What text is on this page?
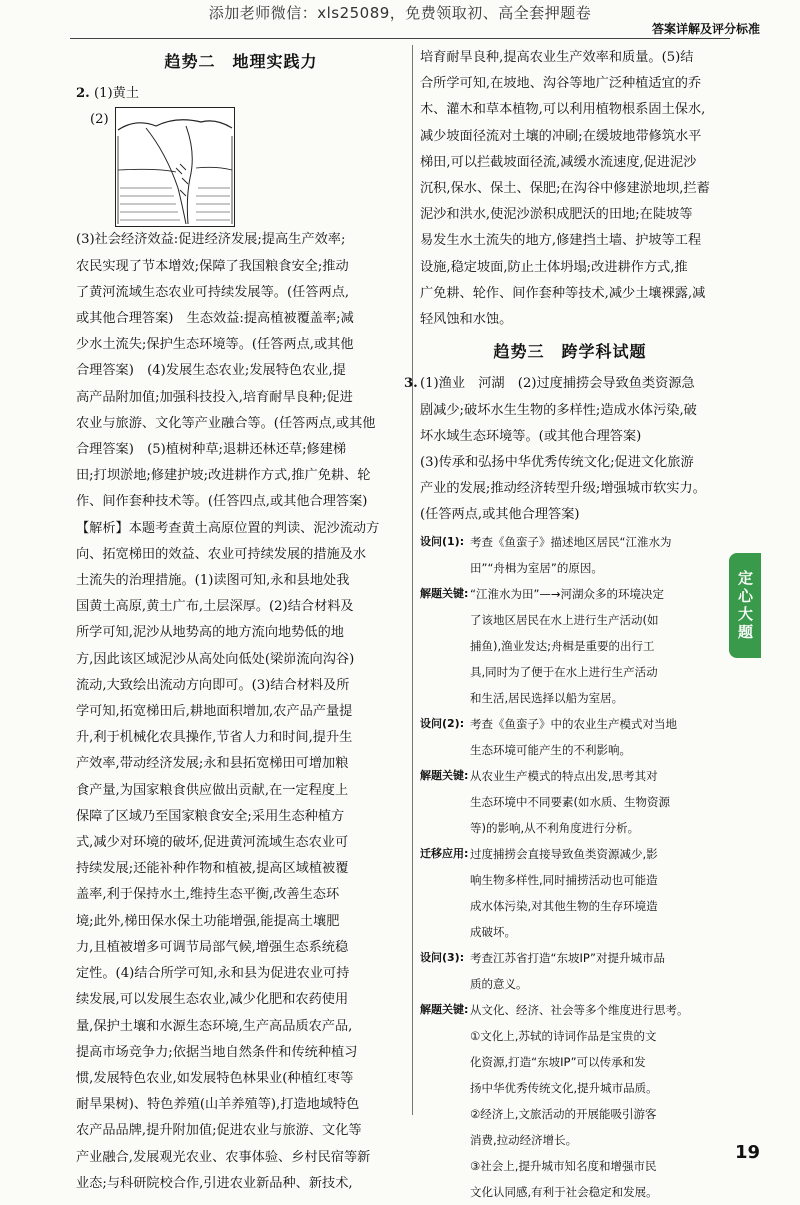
添加老师微信：xls25089，免费领取初、高全套押题卷
答案详解及评分标准
趋势二　地理实践力
2. (1)黄土
(2)
(3)社会经济效益:促进经济发展;提高生产效率;
农民实现了节本增效;保障了我国粮食安全;推动
了黄河流域生态农业可持续发展等。(任答两点,
或其他合理答案)　生态效益:提高植被覆盖率;减
少水土流失;保护生态环境等。(任答两点,或其他
合理答案)　(4)发展生态农业;发展特色农业,提
高产品附加值;加强科技投入,培育耐旱良种;促进
农业与旅游、文化等产业融合等。(任答两点,或其他
合理答案)　(5)植树种草;退耕还林还草;修建梯
田;打坝淤地;修建护坡;改进耕作方式,推广免耕、轮
作、间作套种技术等。(任答四点,或其他合理答案)
【解析】本题考查黄土高原位置的判读、泥沙流动方
向、拓宽梯田的效益、农业可持续发展的措施及水
土流失的治理措施。(1)读图可知,永和县地处我
国黄土高原,黄土广布,土层深厚。(2)结合材料及
所学可知,泥沙从地势高的地方流向地势低的地
方,因此该区域泥沙从高处向低处(梁峁流向沟谷)
流动,大致绘出流动方向即可。(3)结合材料及所
学可知,拓宽梯田后,耕地面积增加,农产品产量提
升,利于机械化农具操作,节省人力和时间,提升生
产效率,带动经济发展;永和县拓宽梯田可增加粮
食产量,为国家粮食供应做出贡献,在一定程度上
保障了区域乃至国家粮食安全;采用生态种植方
式,减少对环境的破坏,促进黄河流域生态农业可
持续发展;还能补种作物和植被,提高区域植被覆
盖率,利于保持水土,维持生态平衡,改善生态环
境;此外,梯田保水保土功能增强,能提高土壤肥
力,且植被增多可调节局部气候,增强生态系统稳
定性。(4)结合所学可知,永和县为促进农业可持
续发展,可以发展生态农业,减少化肥和农药使用
量,保护土壤和水源生态环境,生产高品质农产品,
提高市场竞争力;依据当地自然条件和传统种植习
惯,发展特色农业,如发展特色林果业(种植红枣等
耐旱果树)、特色养殖(山羊养殖等),打造地域特色
农产品品牌,提升附加值;促进农业与旅游、文化等
产业融合,发展观光农业、农事体验、乡村民宿等新
业态;与科研院校合作,引进农业新品种、新技术,
培育耐旱良种,提高农业生产效率和质量。(5)结
合所学可知,在坡地、沟谷等地广泛种植适宜的乔
木、灌木和草本植物,可以利用植物根系固土保水,
减少坡面径流对土壤的冲刷;在缓坡地带修筑水平
梯田,可以拦截坡面径流,减缓水流速度,促进泥沙
沉积,保水、保土、保肥;在沟谷中修建淤地坝,拦蓄
泥沙和洪水,使泥沙淤积成肥沃的田地;在陡坡等
易发生水土流失的地方,修建挡土墙、护坡等工程
设施,稳定坡面,防止土体坍塌;改进耕作方式,推
广免耕、轮作、间作套种等技术,减少土壤裸露,减
轻风蚀和水蚀。
趋势三　跨学科试题
3. (1)渔业　河湖　(2)过度捕捞会导致鱼类资源急
剧减少;破坏水生生物的多样性;造成水体污染,破
坏水域生态环境等。(或其他合理答案)
(3)传承和弘扬中华优秀传统文化;促进文化旅游
产业的发展;推动经济转型升级;增强城市软实力。
(任答两点,或其他合理答案)
设问(1): 考查《鱼蛮子》描述地区居民“江淮水为
田”“舟楫为室居”的原因。
解题关键: “江淮水为田”—→河湖众多的环境决定
了该地区居民在水上进行生产活动(如
捕鱼),渔业发达;舟楫是重要的出行工
具,同时为了便于在水上进行生产活动
和生活,居民选择以船为室居。
设问(2): 考查《鱼蛮子》中的农业生产模式对当地
生态环境可能产生的不利影响。
解题关键: 从农业生产模式的特点出发,思考其对
生态环境中不同要素(如水质、生物资源
等)的影响,从不利角度进行分析。
迁移应用: 过度捕捞会直接导致鱼类资源减少,影
响生物多样性,同时捕捞活动也可能造
成水体污染,对其他生物的生存环境造
成破坏。
设问(3): 考查江苏省打造“东坡IP”对提升城市品
质的意义。
解题关键: 从文化、经济、社会等多个维度进行思考。
①文化上,苏轼的诗词作品是宝贵的文
化资源,打造“东坡IP”可以传承和发
扬中华优秀传统文化,提升城市品质。
②经济上,文旅活动的开展能吸引游客
消费,拉动经济增长。
③社会上,提升城市知名度和增强市民
文化认同感,有利于社会稳定和发展。
定心大题
19
